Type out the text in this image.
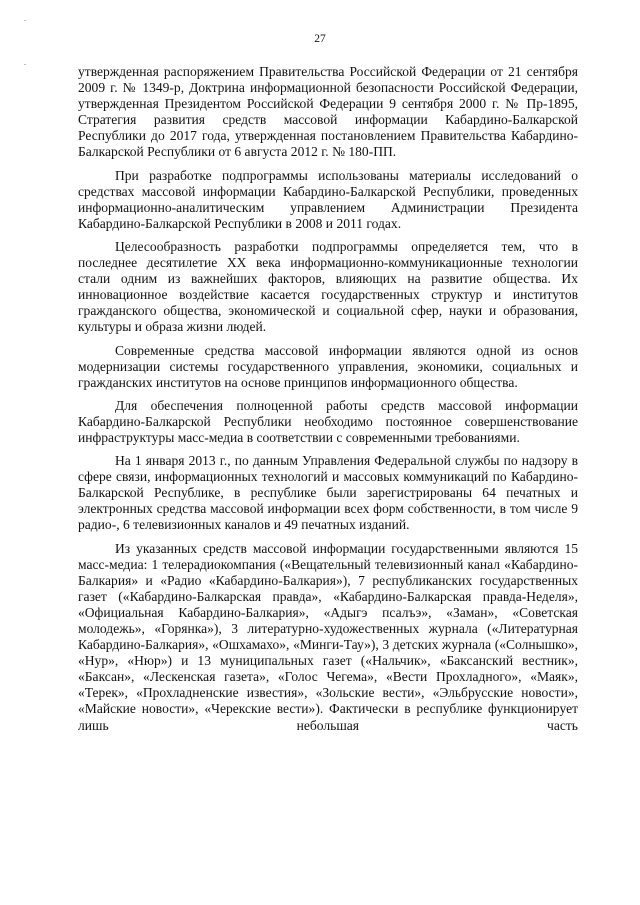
.
.
27

утвержденная распоряжением Правительства Российской Федерации от 21 сентября 2009 г. № 1349-р, Доктрина информационной безопасности Российской Федерации, утвержденная Президентом Российской Федерации 9 сентября 2000 г. № Пр-1895, Стратегия развития средств массовой информации Кабардино-Балкарской Республики до 2017 года, утвержденная постановлением Правительства Кабардино-Балкарской Республики от 6 августа 2012 г. № 180-ПП.

При разработке подпрограммы использованы материалы исследований о средствах массовой информации Кабардино-Балкарской Республики, проведенных информационно-аналитическим управлением Администрации Президента Кабардино-Балкарской Республики в 2008 и 2011 годах.

Целесообразность разработки подпрограммы определяется тем, что в последнее десятилетие XX века информационно-коммуникационные технологии стали одним из важнейших факторов, влияющих на развитие общества. Их инновационное воздействие касается государственных структур и институтов гражданского общества, экономической и социальной сфер, науки и образования, культуры и образа жизни людей.

Современные средства массовой информации являются одной из основ модернизации системы государственного управления, экономики, социальных и гражданских институтов на основе принципов информационного общества.

Для обеспечения полноценной работы средств массовой информации Кабардино-Балкарской Республики необходимо постоянное совершенствование инфраструктуры масс-медиа в соответствии с современными требованиями.

На 1 января 2013 г., по данным Управления Федеральной службы по надзору в сфере связи, информационных технологий и массовых коммуникаций по Кабардино-Балкарской Республике, в республике были зарегистрированы 64 печатных и электронных средства массовой информации всех форм собственности, в том числе 9 радио-, 6 телевизионных каналов и 49 печатных изданий.

Из указанных средств массовой информации государственными являются 15 масс-медиа: 1 телерадиокомпания («Вещательный телевизионный канал «Кабардино-Балкария» и «Радио «Кабардино-Балкария»), 7 республиканских государственных газет («Кабардино-Балкарская правда», «Кабардино-Балкарская правда-Неделя», «Официальная Кабардино-Балкария», «Адыгэ псалъэ», «Заман», «Советская молодежь», «Горянка»), 3 литературно-художественных журнала («Литературная Кабардино-Балкария», «Ошхамахо», «Минги-Тау»), 3 детских журнала («Солнышко», «Нур», «Нюр») и 13 муниципальных газет («Нальчик», «Баксанский вестник», «Баксан», «Лескенская газета», «Голос Чегема», «Вести Прохладного», «Маяк», «Терек», «Прохладненские известия», «Зольские вести», «Эльбрусские новости», «Майские новости», «Черекские вести»). Фактически в республике функционирует лишь небольшая часть
